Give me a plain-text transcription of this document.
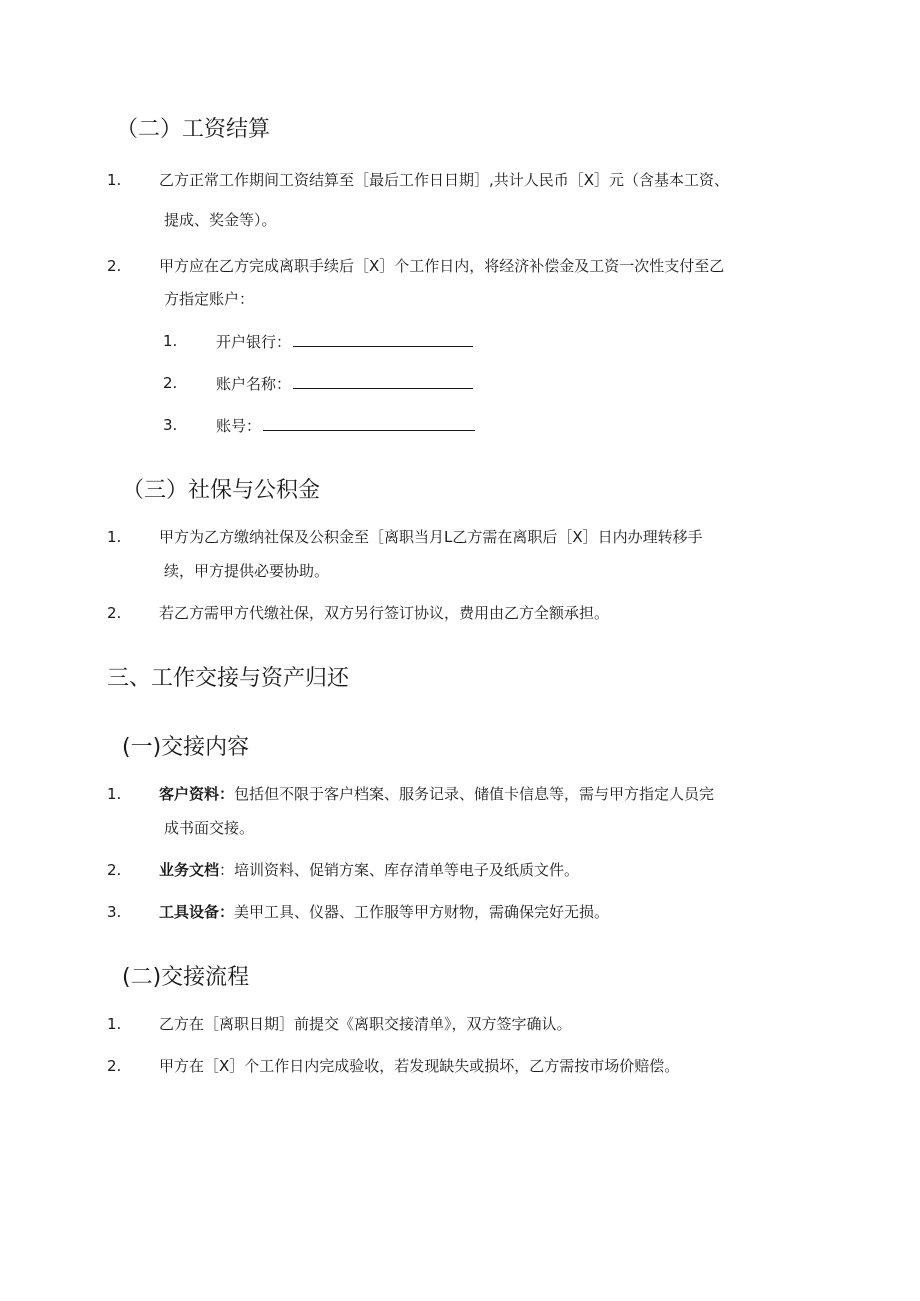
（二）工资结算
1.	乙方正常工作期间工资结算至［最后工作日日期］,共计人民币［X］元（含基本工资、
提成、奖金等）。
2.	甲方应在乙方完成离职手续后［X］个工作日内，将经济补偿金及工资一次性支付至乙
方指定账户：
1.	开户银行：
2.	账户名称：
3.	账号：
（三）社保与公积金
1.	甲方为乙方缴纳社保及公积金至［离职当月L乙方需在离职后［X］日内办理转移手
续，甲方提供必要协助。
2.	若乙方需甲方代缴社保，双方另行签订协议，费用由乙方全额承担。
三、工作交接与资产归还
(一)交接内容
1.	客户资料：包括但不限于客户档案、服务记录、储值卡信息等，需与甲方指定人员完
成书面交接。
2.	业务文档：培训资料、促销方案、库存清单等电子及纸质文件。
3.	工具设备：美甲工具、仪器、工作服等甲方财物，需确保完好无损。
(二)交接流程
1.	乙方在［离职日期］前提交《离职交接清单》，双方签字确认。
2.	甲方在［X］个工作日内完成验收，若发现缺失或损坏，乙方需按市场价赔偿。
